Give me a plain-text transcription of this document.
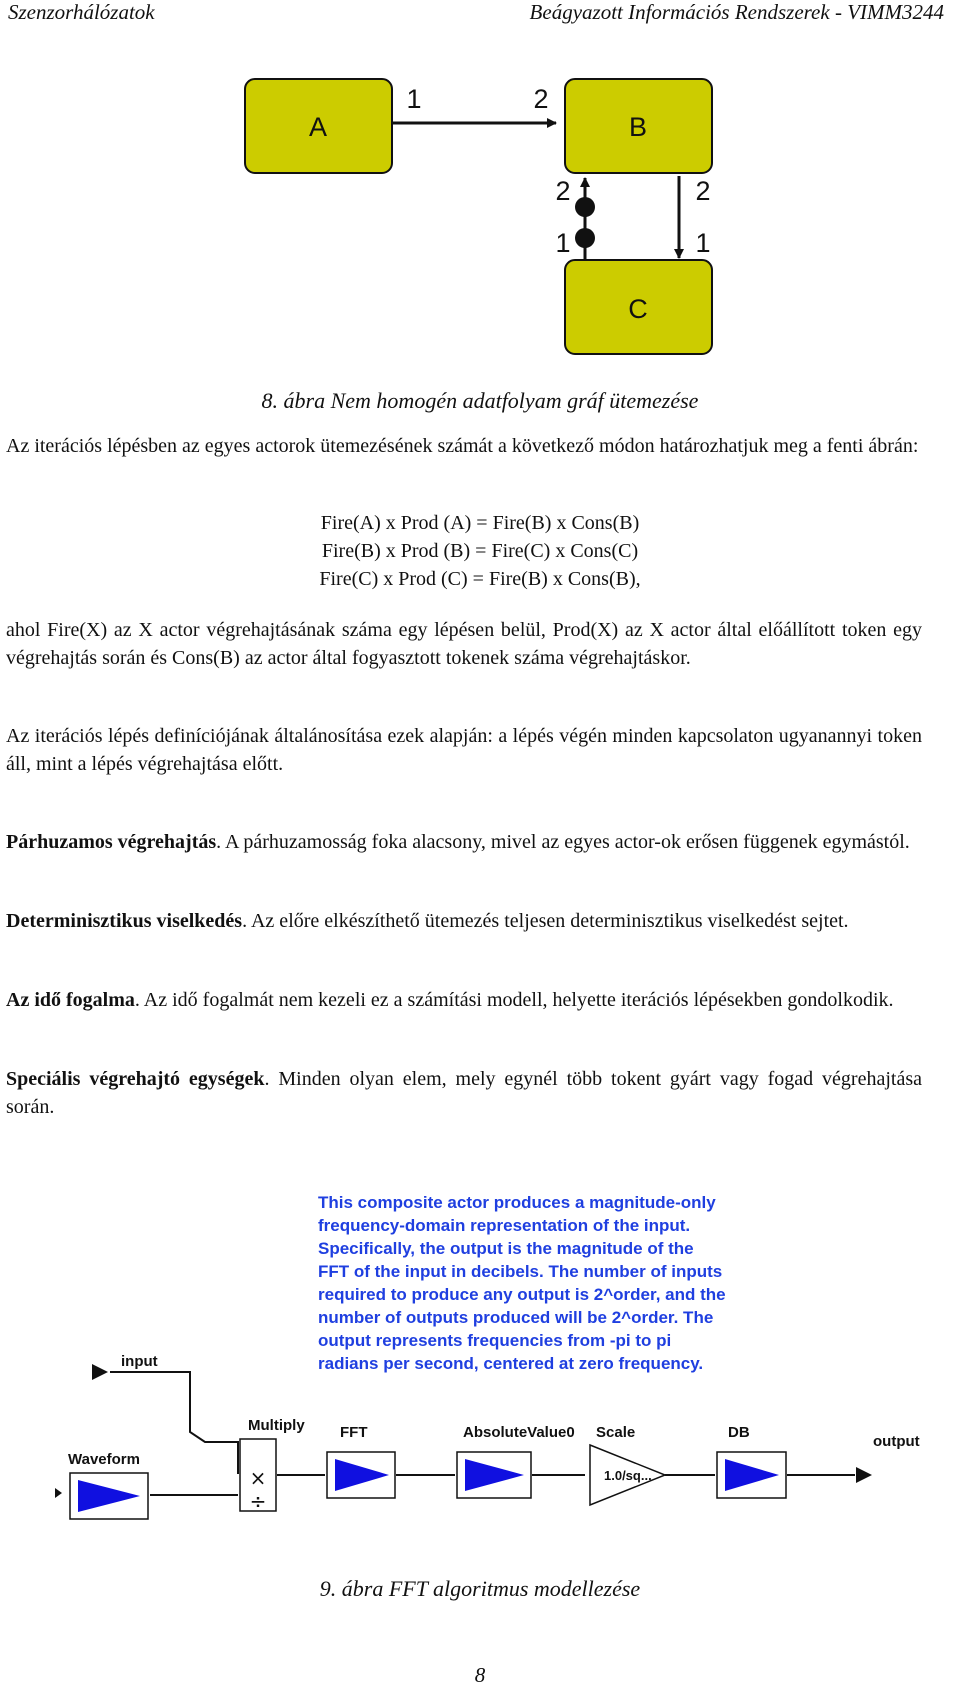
Szenzorhálózatok	Beágyazott Információs Rendszerek - VIMM3244
A	B
C
1	2
2
1
2
1
8. ábra Nem homogén adatfolyam gráf ütemezése

Az iterációs lépésben az egyes actorok ütemezésének számát a következő módon határozhatjuk meg a fenti ábrán:

Fire(A) x Prod (A) = Fire(B) x Cons(B)
Fire(B) x Prod (B) = Fire(C) x Cons(C)
Fire(C) x Prod (C) = Fire(B) x Cons(B),

ahol Fire(X) az X actor végrehajtásának száma egy lépésen belül, Prod(X) az X actor által előállított token egy végrehajtás során és Cons(B) az actor által fogyasztott tokenek száma végrehajtáskor.

Az iterációs lépés definíciójának általánosítása ezek alapján: a lépés végén minden kapcsolaton ugyanannyi token áll, mint a lépés végrehajtása előtt.

Párhuzamos végrehajtás. A párhuzamosság foka alacsony, mivel az egyes actor-ok erősen függenek egymástól.

Determinisztikus viselkedés. Az előre elkészíthető ütemezés teljesen determinisztikus viselkedést sejtet.

Az idő fogalma. Az idő fogalmát nem kezeli ez a számítási modell, helyette iterációs lépésekben gondolkodik.

Speciális végrehajtó egységek. Minden olyan elem, mely egynél több tokent gyárt vagy fogad végrehajtása során.

This composite actor produces a magnitude-only
frequency-domain representation of the input.
Specifically, the output is the magnitude of the
FFT of the input in decibels. The number of inputs
required to produce any output is 2^order, and the
number of outputs produced will be 2^order. The
output represents frequencies from -pi to pi
radians per second, centered at zero frequency.
input
Waveform
Multiply
×
÷
FFT	AbsoluteValue0 Scale
1.0/sq...
DB
output
9. ábra FFT algoritmus modellezése
8
